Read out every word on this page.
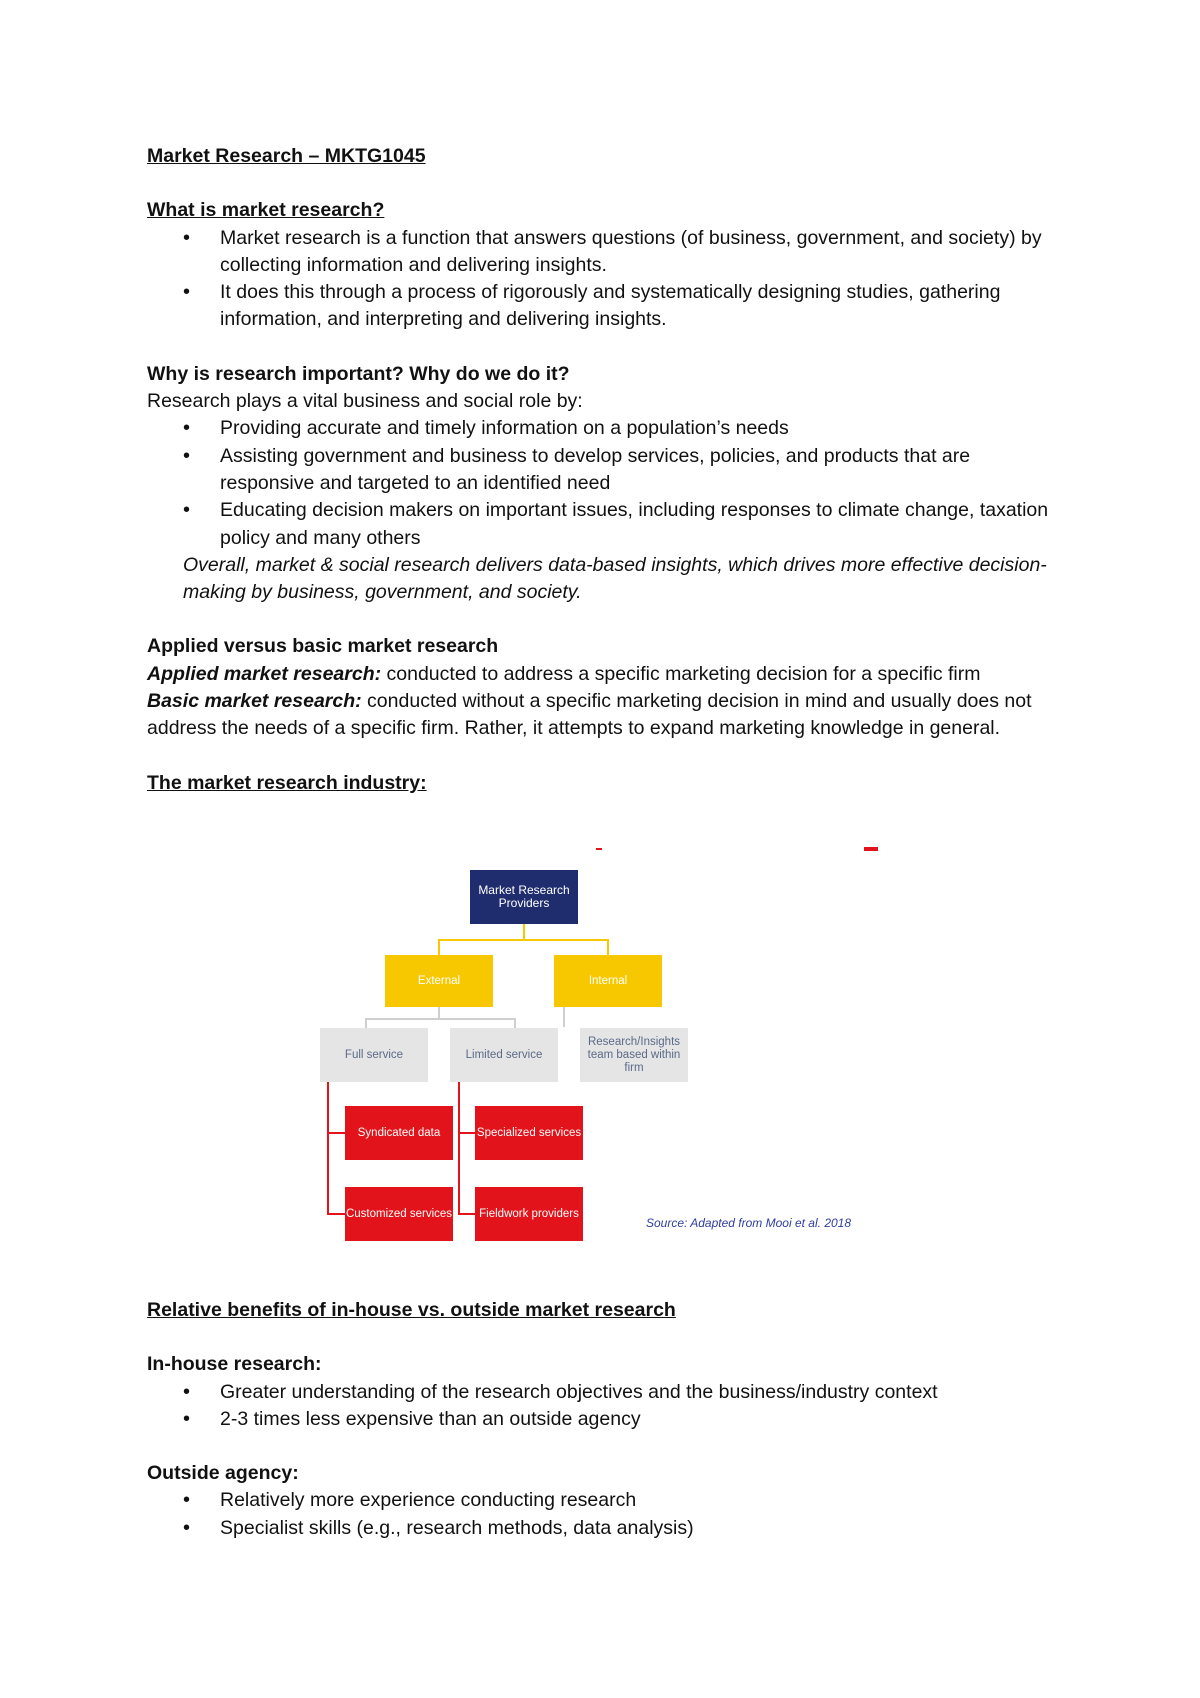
Market Research – MKTG1045
What is market research?
• Market research is a function that answers questions (of business, government, and society) by collecting information and delivering insights.
• It does this through a process of rigorously and systematically designing studies, gathering information, and interpreting and delivering insights.
Why is research important? Why do we do it?
Research plays a vital business and social role by:
• Providing accurate and timely information on a population’s needs
• Assisting government and business to develop services, policies, and products that are responsive and targeted to an identified need
• Educating decision makers on important issues, including responses to climate change, taxation policy and many others
Overall, market & social research delivers data-based insights, which drives more effective decision-making by business, government, and society.
Applied versus basic market research
Applied market research: conducted to address a specific marketing decision for a specific firm
Basic market research: conducted without a specific marketing decision in mind and usually does not address the needs of a specific firm. Rather, it attempts to expand marketing knowledge in general.
The market research industry:
Market Research Providers
External	Internal
Full service	Limited service
Research/Insights team based within firm
Syndicated data
Customized services
Specialized services
Fieldwork providers
Source: Adapted from Mooi et al. 2018
Relative benefits of in-house vs. outside market research
In-house research:
• Greater understanding of the research objectives and the business/industry context
• 2-3 times less expensive than an outside agency
Outside agency:
• Relatively more experience conducting research
• Specialist skills (e.g., research methods, data analysis)
